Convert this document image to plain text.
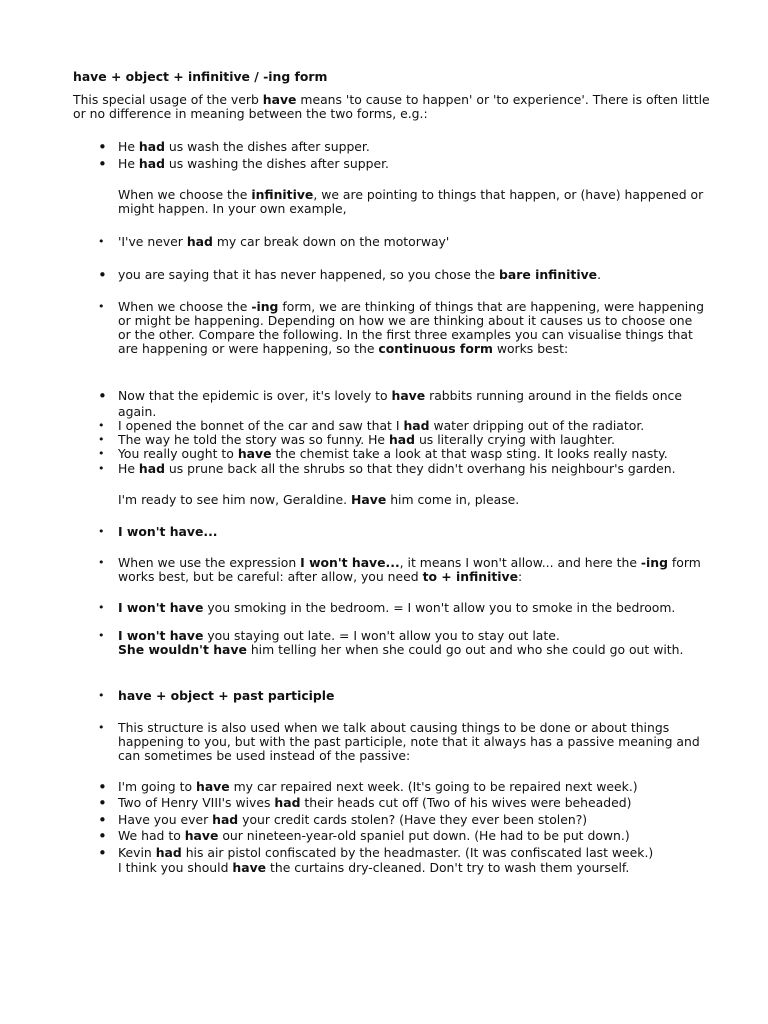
have + object + infinitive / -ing form
This special usage of the verb have means 'to cause to happen' or 'to experience'. There is often little or no difference in meaning between the two forms, e.g.:
• He had us wash the dishes after supper.
• He had us washing the dishes after supper.
When we choose the infinitive, we are pointing to things that happen, or (have) happened or might happen. In your own example,
• 'I've never had my car break down on the motorway'
• you are saying that it has never happened, so you chose the bare infinitive.
• When we choose the -ing form, we are thinking of things that are happening, were happening or might be happening. Depending on how we are thinking about it causes us to choose one or the other. Compare the following. In the first three examples you can visualise things that are happening or were happening, so the continuous form works best:
• Now that the epidemic is over, it's lovely to have rabbits running around in the fields once again.
• I opened the bonnet of the car and saw that I had water dripping out of the radiator.
• The way he told the story was so funny. He had us literally crying with laughter.
• You really ought to have the chemist take a look at that wasp sting. It looks really nasty.
• He had us prune back all the shrubs so that they didn't overhang his neighbour's garden.
I'm ready to see him now, Geraldine. Have him come in, please.
• I won't have...
• When we use the expression I won't have..., it means I won't allow... and here the -ing form works best, but be careful: after allow, you need to + infinitive:
• I won't have you smoking in the bedroom. = I won't allow you to smoke in the bedroom.
• I won't have you staying out late. = I won't allow you to stay out late.
She wouldn't have him telling her when she could go out and who she could go out with.
• have + object + past participle
• This structure is also used when we talk about causing things to be done or about things happening to you, but with the past participle, note that it always has a passive meaning and can sometimes be used instead of the passive:
• I'm going to have my car repaired next week. (It's going to be repaired next week.)
• Two of Henry VIII's wives had their heads cut off (Two of his wives were beheaded)
• Have you ever had your credit cards stolen? (Have they ever been stolen?)
• We had to have our nineteen-year-old spaniel put down. (He had to be put down.)
• Kevin had his air pistol confiscated by the headmaster. (It was confiscated last week.)
I think you should have the curtains dry-cleaned. Don't try to wash them yourself.
